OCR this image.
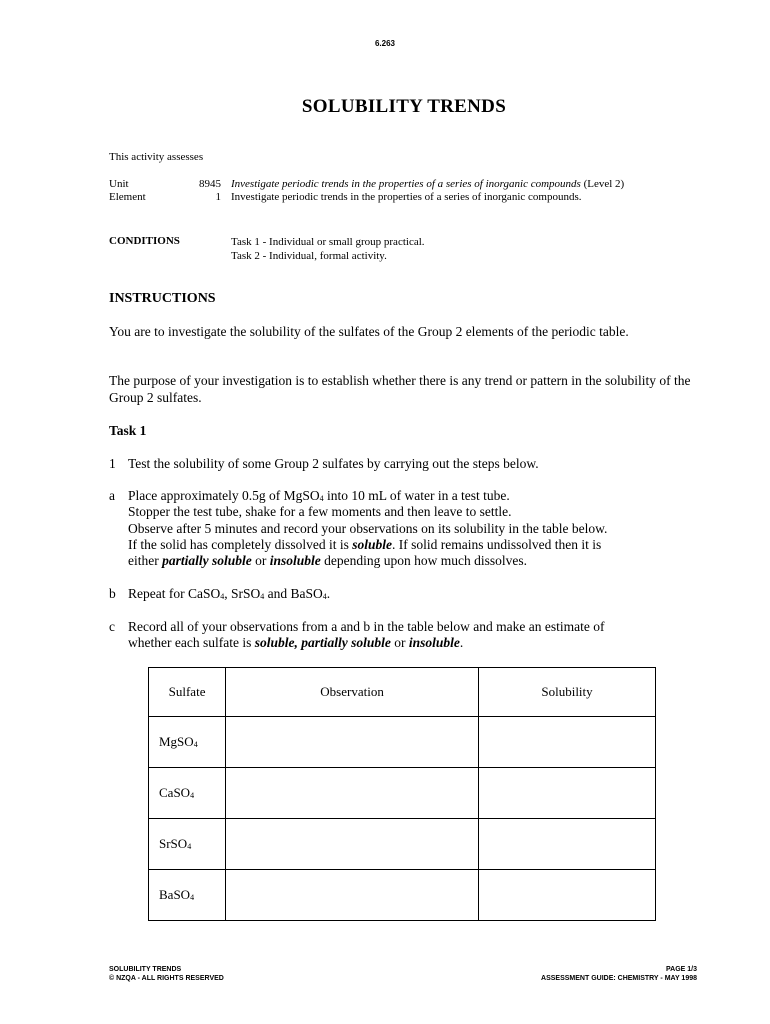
6.263
SOLUBILITY TRENDS
This activity assesses
Unit	8945 Investigate periodic trends in the properties of a series of inorganic compounds (Level 2)
Element	1 Investigate periodic trends in the properties of a series of inorganic compounds.
CONDITIONS	Task 1 - Individual or small group practical.
Task 2 - Individual, formal activity.
INSTRUCTIONS
You are to investigate the solubility of the sulfates of the Group 2 elements of the periodic table.
The purpose of your investigation is to establish whether there is any trend or pattern in the solubility of the Group 2 sulfates.
Task 1
1 Test the solubility of some Group 2 sulfates by carrying out the steps below.
a Place approximately 0.5g of MgSO$_4$ into 10 mL of water in a test tube.
Stopper the test tube, shake for a few moments and then leave to settle.
Observe after 5 minutes and record your observations on its solubility in the table below.
If the solid has completely dissolved it is soluble. If solid remains undissolved then it is
either partially soluble or insoluble depending upon how much dissolves.
b Repeat for CaSO$_4$, SrSO$_4$ and BaSO$_4$.
c Record all of your observations from a and b in the table below and make an estimate of
whether each sulfate is soluble, partially soluble or insoluble.
Sulfate	Observation	Solubility
MgSO$_4$		
CaSO$_4$		
SrSO$_4$		
BaSO$_4$		
SOLUBILITY TRENDS
© NZQA - ALL RIGHTS RESERVED
PAGE 1/3
ASSESSMENT GUIDE: CHEMISTRY - MAY 1998
